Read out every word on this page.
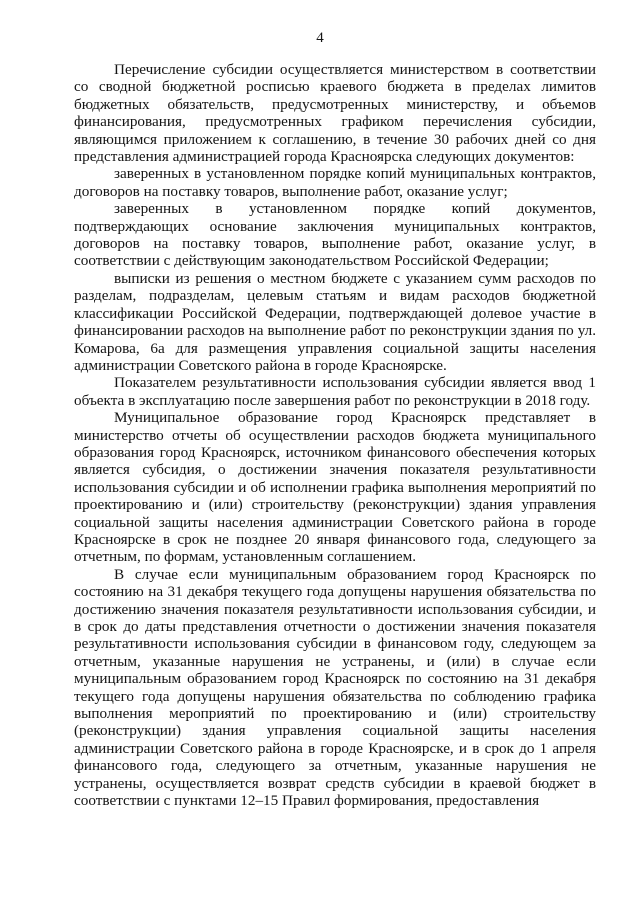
4

Перечисление субсидии осуществляется министерством в соответствии со сводной бюджетной росписью краевого бюджета в пределах лимитов бюджетных обязательств, предусмотренных министерству, и объемов финансирования, предусмотренных графиком перечисления субсидии, являющимся приложением к соглашению, в течение 30 рабочих дней со дня представления администрацией города Красноярска следующих документов:

заверенных в установленном порядке копий муниципальных контрактов, договоров на поставку товаров, выполнение работ, оказание услуг;

заверенных в установленном порядке копий документов, подтверждающих основание заключения муниципальных контрактов, договоров на поставку товаров, выполнение работ, оказание услуг, в соответствии с действующим законодательством Российской Федерации;

выписки из решения о местном бюджете с указанием сумм расходов по разделам, подразделам, целевым статьям и видам расходов бюджетной классификации Российской Федерации, подтверждающей долевое участие в финансировании расходов на выполнение работ по реконструкции здания по ул. Комарова, 6а для размещения управления социальной защиты населения администрации Советского района в городе Красноярске.

Показателем результативности использования субсидии является ввод 1 объекта в эксплуатацию после завершения работ по реконструкции в 2018 году.

Муниципальное образование город Красноярск представляет в министерство отчеты об осуществлении расходов бюджета муниципального образования город Красноярск, источником финансового обеспечения которых является субсидия, о достижении значения показателя результативности использования субсидии и об исполнении графика выполнения мероприятий по проектированию и (или) строительству (реконструкции) здания управления социальной защиты населения администрации Советского района в городе Красноярске в срок не позднее 20 января финансового года, следующего за отчетным, по формам, установленным соглашением.

В случае если муниципальным образованием город Красноярск по состоянию на 31 декабря текущего года допущены нарушения обязательства по достижению значения показателя результативности использования субсидии, и в срок до даты представления отчетности о достижении значения показателя результативности использования субсидии в финансовом году, следующем за отчетным, указанные нарушения не устранены, и (или) в случае если муниципальным образованием город Красноярск по состоянию на 31 декабря текущего года допущены нарушения обязательства по соблюдению графика выполнения мероприятий по проектированию и (или) строительству (реконструкции) здания управления социальной защиты населения администрации Советского района в городе Красноярске, и в срок до 1 апреля финансового года, следующего за отчетным, указанные нарушения не устранены, осуществляется возврат средств субсидии в краевой бюджет в соответствии с пунктами 12–15 Правил формирования, предоставления
